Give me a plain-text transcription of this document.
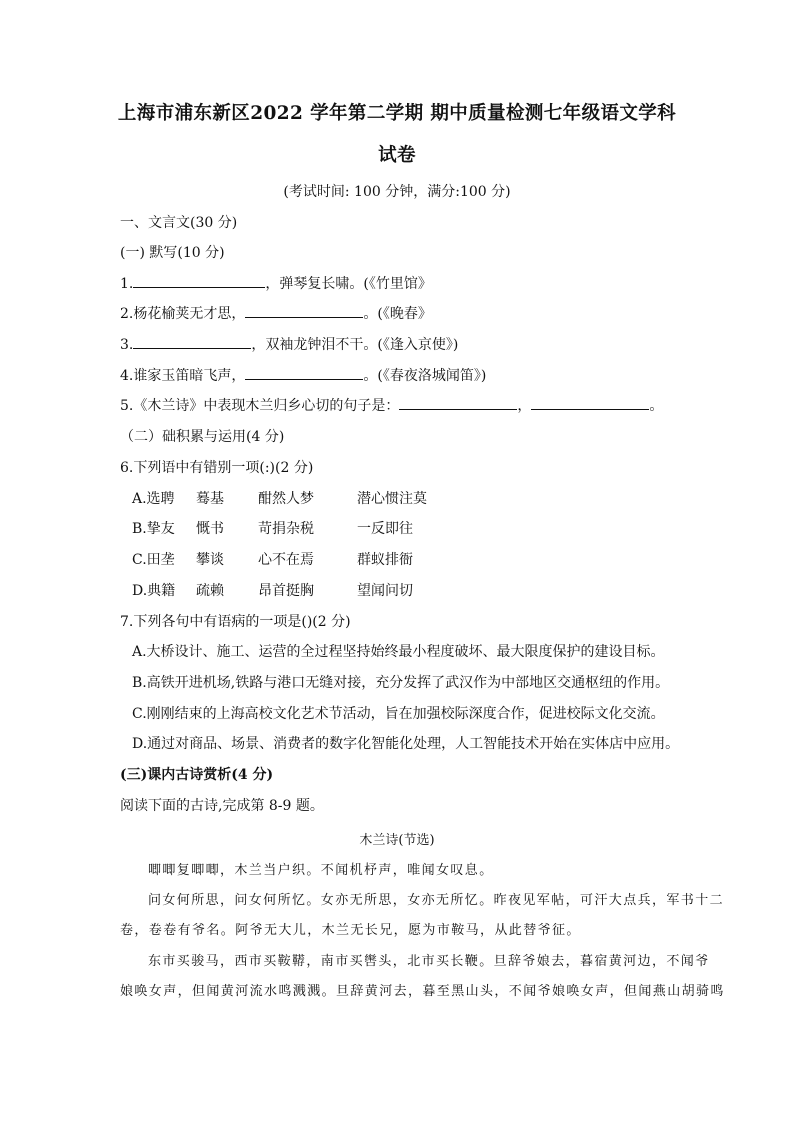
上海市浦东新区2022 学年第二学期 期中质量检测七年级语文学科
试卷
(考试时间: 100 分钟，满分:100 分)
一、文言文(30 分)
(一) 默写(10 分)
1.	，弹琴复长啸。(《竹里馆》
2.杨花榆荚无才思，	。(《晚春》
3.	，双袖龙钟泪不干。(《逢入京使》)
4.谁家玉笛暗飞声，	。(《春夜洛城闻笛》)
5.《木兰诗》中表现木兰归乡心切的句子是：	，	。
（二）础积累与运用(4 分)
6.下列语中有错别一项(:)(2 分)
A.选聘 蓦基 酣然人梦	潜心惯注莫
B.挚友 慨书 苛捐杂税	一反即往
C.田垄 攀谈 心不在焉	群蚁排衙
D.典籍 疏赖 昂首挺胸	望闻问切
7.下列各句中有语病的一项是()(2 分)
A.大桥设计、施工、运营的全过程坚持始终最小程度破坏、最大限度保护的建设目标。
B.高铁开进机场,铁路与港口无缝对接，充分发挥了武汉作为中部地区交通枢纽的作用。
C.刚刚结束的上海高校文化艺术节活动，旨在加强校际深度合作，促进校际文化交流。
D.通过对商品、场景、消费者的数字化智能化处理，人工智能技术开始在实体店中应用。
(三)课内古诗赏析(4 分)
阅读下面的古诗,完成第 8-9 题。
木兰诗(节选)
唧唧复唧唧，木兰当户织。不闻机杼声，唯闻女叹息。
问女何所思，问女何所忆。女亦无所思，女亦无所忆。昨夜见军帖，可汗大点兵，军书十二
卷，卷卷有爷名。阿爷无大儿，木兰无长兄，愿为市鞍马，从此替爷征。
东市买骏马，西市买鞍鞯，南市买辔头，北市买长鞭。旦辞爷娘去，暮宿黄河边，不闻爷
娘唤女声，但闻黄河流水鸣溅溅。旦辞黄河去，暮至黑山头，不闻爷娘唤女声，但闻燕山胡骑鸣
